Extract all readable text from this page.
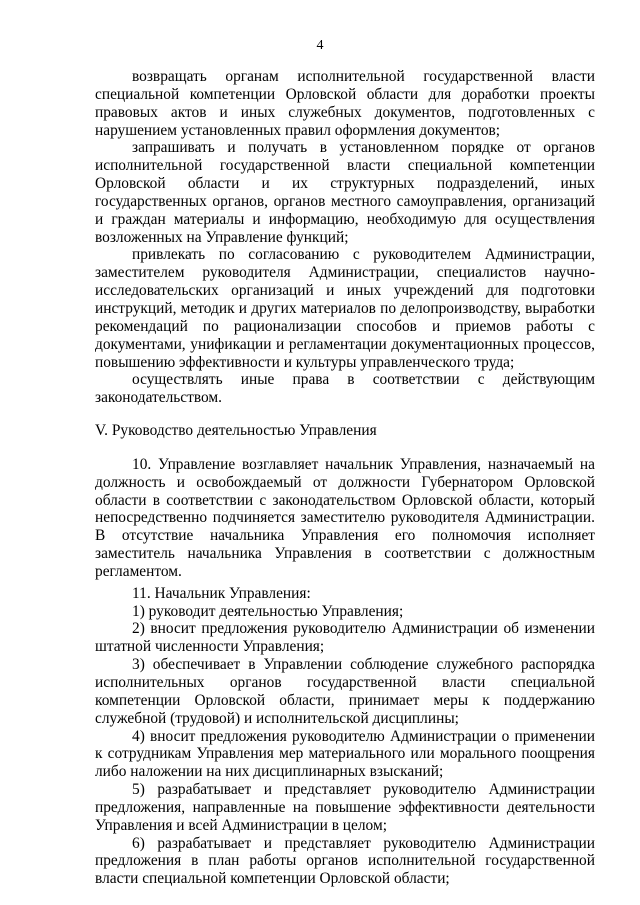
4

возвращать органам исполнительной государственной власти специальной компетенции Орловской области для доработки проекты правовых актов и иных служебных документов, подготовленных с нарушением установленных правил оформления документов;

запрашивать и получать в установленном порядке от органов исполнительной государственной власти специальной компетенции Орловской области и их структурных подразделений, иных государственных органов, органов местного самоуправления, организаций и граждан материалы и информацию, необходимую для осуществления возложенных на Управление функций;

привлекать по согласованию с руководителем Администрации, заместителем руководителя Администрации, специалистов научно-исследовательских организаций и иных учреждений для подготовки инструкций, методик и других материалов по делопроизводству, выработки рекомендаций по рационализации способов и приемов работы с документами, унификации и регламентации документационных процессов, повышению эффективности и культуры управленческого труда;

осуществлять иные права в соответствии с действующим законодательством.

V. Руководство деятельностью Управления

10. Управление возглавляет начальник Управления, назначаемый на должность и освобождаемый от должности Губернатором Орловской области в соответствии с законодательством Орловской области, который непосредственно подчиняется заместителю руководителя Администрации. В отсутствие начальника Управления его полномочия исполняет заместитель начальника Управления в соответствии с должностным регламентом.

11. Начальник Управления:

1) руководит деятельностью Управления;

2) вносит предложения руководителю Администрации об изменении штатной численности Управления;

3) обеспечивает в Управлении соблюдение служебного распорядка исполнительных органов государственной власти специальной компетенции Орловской области, принимает меры к поддержанию служебной (трудовой) и исполнительской дисциплины;

4) вносит предложения руководителю Администрации о применении к сотрудникам Управления мер материального или морального поощрения либо наложении на них дисциплинарных взысканий;

5) разрабатывает и представляет руководителю Администрации предложения, направленные на повышение эффективности деятельности Управления и всей Администрации в целом;

6) разрабатывает и представляет руководителю Администрации предложения в план работы органов исполнительной государственной власти специальной компетенции Орловской области;
